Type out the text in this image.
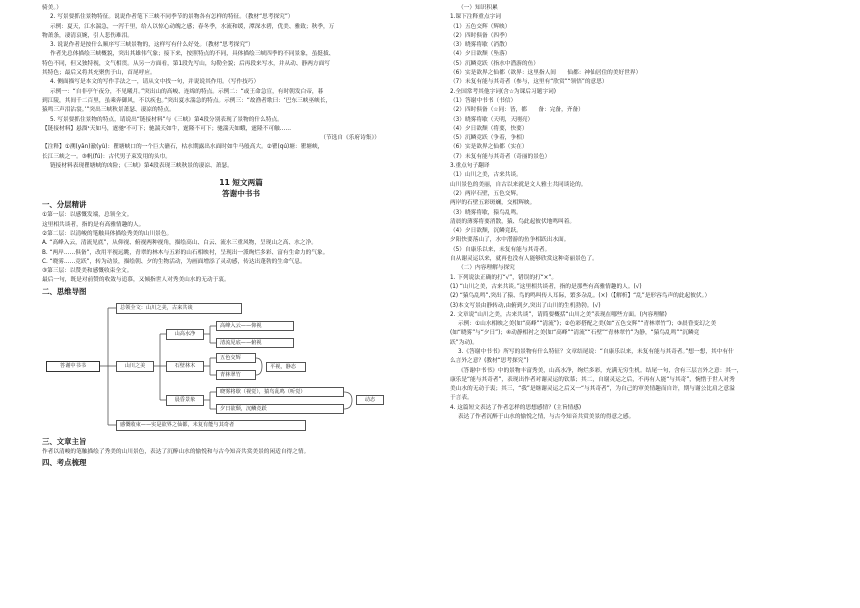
骑美。）
2. 写景要抓住景物特征。说说作者笔下三峡不同季节的景物各有怎样的特征。（教材“思考探究”）
示例：夏天，江水湍急，一泻千里，给人以惊心动魄之感；春冬季，水流和缓，潭深水碧，优美、雅致；秋季，万
物萧条，凄清哀婉，引人悲伤难泪。
3. 说说作者是按什么顺序写三峡景物的，这样写有什么好处。（教材“思考探究”）
作者先总体描绘三峡概貌，突出其雄伟气象；接下来，按照特点的不同，具体描绘三峡四季的不同景象，虽挺拔、
特色不同，但又独特视，文气相贯。从另一方面看，第1段先写山，勾勒全貌；后再段来写水，并从动、静两方面写
其特色；最后又将其充聚焦于山，首尾呼应。
4. 侧面描写是本文的写作手法之一，请从文中找一句，并说说其作用。（写作技巧）
示例一：“自非亭午夜分，不见曦月。”突出山的高峻、连绵的特点。示例二：“或王命急宣，有时朝发白帝，暮
到江陵，其间千二百里，虽乘奔御风，不以疾也。”突出夏水湍急的特点。示例三：“故渔者歌曰：‘巴东三峡巫峡长，
猿鸣三声泪沾裳。’”突出三峡秋景萧瑟、凄凉的特点。
5. 写景要抓住景物的特点，请说出“链接材料”与《三峡》第4段分别表现了景物的什么特点。
【链接材料】悬溜¹天如马，霆驰²不可下；驰湍天如牛，霆隆不可下；驰湍天如蛾，霆隆不可触……
（节选自《乐府诗集》）
【注释】①溯(yān)澈(yù)：瞿塘峡口的一个巨大礁石，枯水期露出水面时如牛马般高大。②瞿(qú)塘：瞿塘峡，
长江三峡之一。③帆(fú)：古代男子束发用的头巾。
链接材料表现瞿塘峡的凶险；《三峡》第4段表现三峡秋景的凄凉、萧瑟。
11 短文两篇
答谢中书书
一、分层精讲
①第一层：以感慨发端，总领全文。
这里相共谈者，指的是有高雅情趣的人。
②第二层：以清峻的笔触具体描绘秀美的山川景色。
A. “高峰入云，清流见底”，从仰视、俯视两种视角，描绘高山、白云、流水三重风物，呈现山之高、水之净。
B. “两岸……俱备”，改用平视远眺，青翠的林木与五彩的山石相映衬，呈现出一派绚烂多彩、富有生命力的气象。
C. “晓雾……竞跃”，转为动景，描绘朝、夕的生物活动，为画面增添了灵动感，传达出蓬勃的生命气息。
③第三层：以赞美和感慨收束全文。
最后一句，既是对前赞的收敛与追慕，又倾指世人对秀美山水的无动于衷。
二、思维导图
答谢中书书
总领全文：山川之美，古来共谈
山川之美
山高水净
高峰入云——仰视
清流见底——俯视
石壁林木
五色交辉
青林翠竹
平视，静态
晨昏景象
晓雾将歇（视觉），猿鸟乱鸣（听觉）
夕日欲颓，沉鳞竞跃
动态
感慨收束——实是欲界之仙都，未复有能与其奇者
三、文章主旨
作者以清峻的笔触描绘了秀美的山川景色，表达了沉醉山水的愉悦和与古今知音共赏美景的闲适自得之情。
四、考点梳理
（一）知识积累
1.课下注释重点字词
（1）五色交辉（辉映）
（2）四时俱备（四季）
（3）晓雾将歇（消散）
（4）夕日欲颓（坠落）
（5）沉鳞竞跃（指水中潜游的鱼）
（6）实是欲界之仙都（欲界：这里指人间　　仙都：神仙居住的美好世界）
（7）未复有能与其奇者（参与，这里有“欣赏”“领悟”的意思）
2.全国常考其他字词(含☆为课后习题字词)
（1）答谢中书书（书信）
（2）四时俱备（☆同：皆，都　　备：完备，齐备）
（3）晓雾将歇（天明，天刚亮）
（4）夕日欲颓（将要，快要）
（5）沉鳞竞跃（争着，争相）
（6）实是欲界之仙都（实在）
（7）未复有能与其奇者（奇丽的景色）
3.重点句子翻译
（1）山川之美，古来共谈。
山川景色的美丽，自古以来就是文人雅士共同谈论的。
（2）两岸石壁，五色交辉。
两岸的石壁五彩斑斓，交相辉映。
（3）晓雾将歇，猿鸟乱鸣。
清晨的薄雾将要消散，猿、鸟此起彼伏地鸣叫着。
（4）夕日欲颓，沉鳞竞跃。
夕阳快要落山了，水中潜游的鱼争相跃出水面。
（5）自康乐以来，未复有能与其奇者。
自从谢灵运以来，就再也没有人能够欣赏这种奇丽景色了。
（二）内容理解与探究
1. 下列说法正确的打“√”，错误的打“×”。
(1) “山川之美，古来共谈。”这里相共谈者，指的是那些有高雅情趣的人。(√)
(2) “猿鸟乱鸣”,突出了猿、鸟的鸣叫传人耳际，繁多杂乱。(×)（【解析】“乱”是形容鸟声的此起彼伏。）
(3)本文写景由静转动,由俯到夕,突出了山川的生机勃勃。(√)
2. 文章说“山川之美，古来共谈”，请简要概括“山川之美”表现在哪些方面。(内容理解)
示例：①山水相映之美(如“高峰”“清流”)；②色彩搭配之美(如“五色交辉”“青林翠竹”)；③晨昏变幻之美
(如“晓雾”与“夕日”)；④动静相衬之美(如“高峰”“清流”“石壁”“青林翠竹”为静，“猿鸟乱鸣”“沉鳞竞
跃”为动)。
3.《答谢中书书》所写的景物有什么特征？文章结尾说：“自康乐以来，未复有能与其奇者。”想一想，其中有什
么言外之意？(教材“思考探究”)
《答谢中书书》中的景物丰富秀美，山高水净，绚烂多彩，充满无穷生机。结尾一句，含有三层言外之意：其一，
康乐是“能与其奇者”，表现出作者对谢灵运的钦慕；其二，自谢灵运之后，不再有人能“与其奇”，惋惜于世人对秀
美山水的无动于衷；其三，“我”是继谢灵运之后又一“与其奇者”，为自己的审美情趣而自许，期与谢公比肩之意溢
于言表。
4. 这篇短文表达了作者怎样的思想感情？(主旨情感)
表达了作者沉醉于山水的愉悦之情，与古今知音共赏美景的得意之感。
